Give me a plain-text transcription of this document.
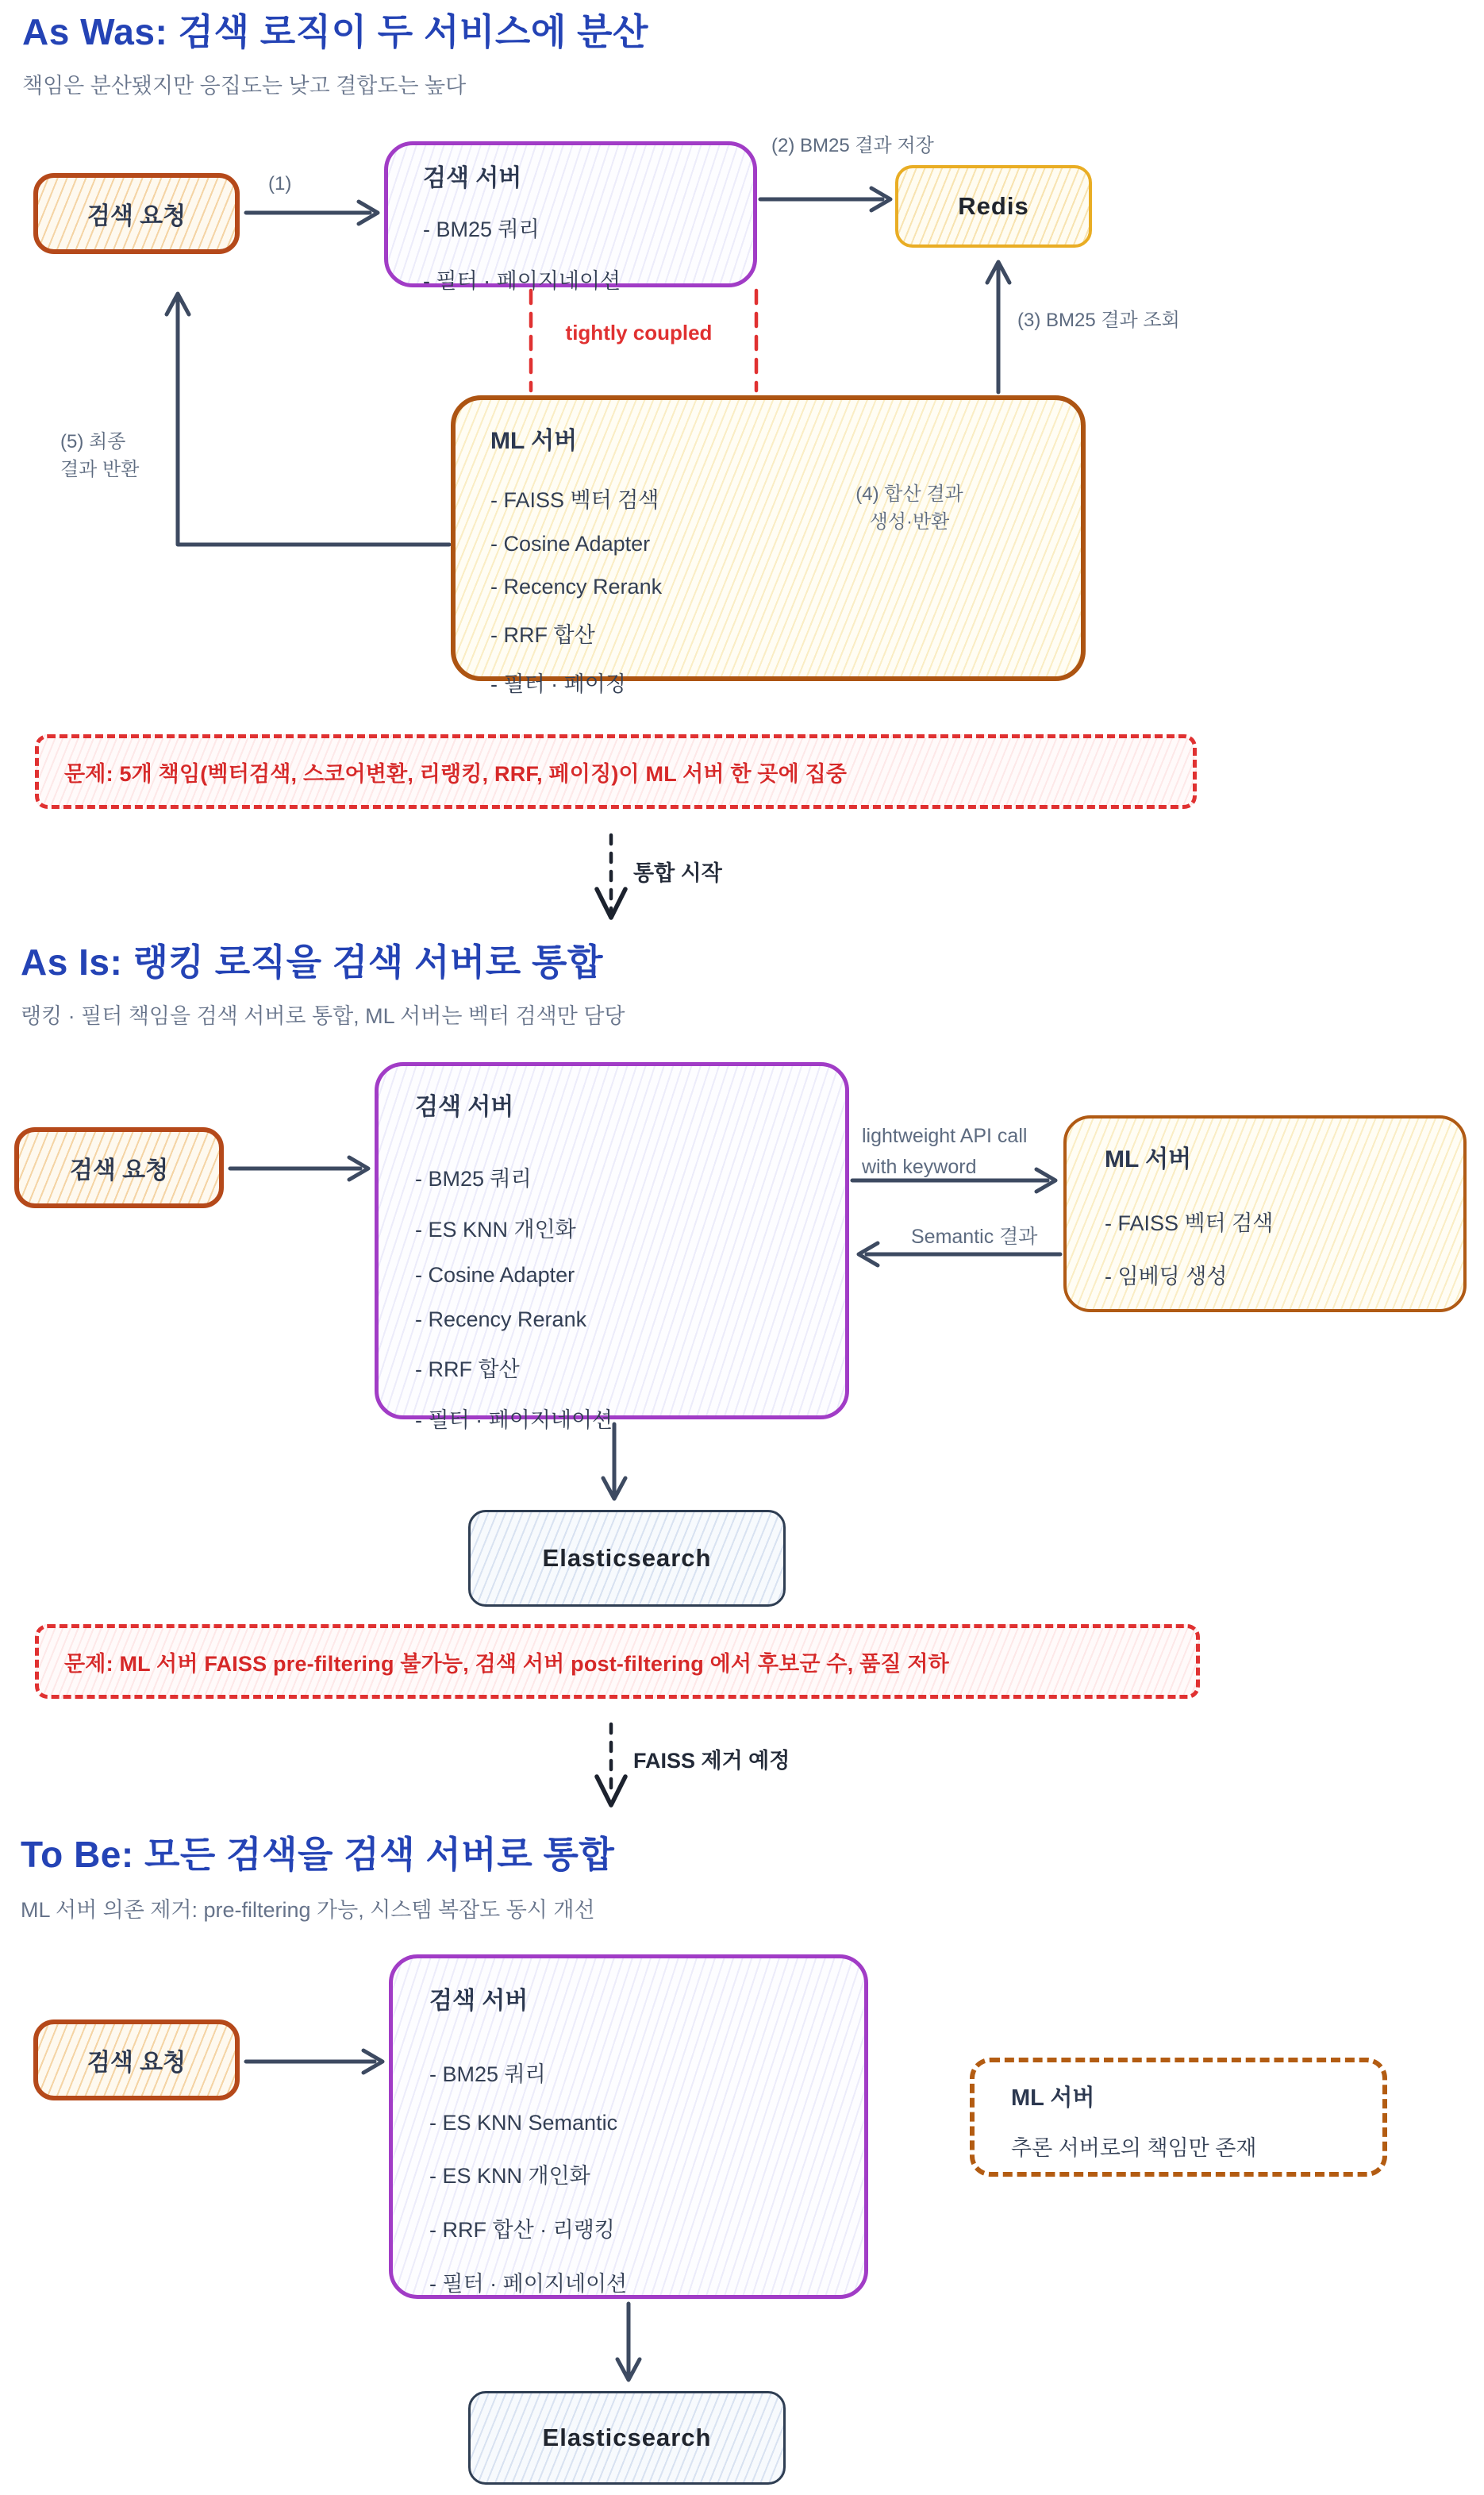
As Was: 검색 로직이 두 서비스에 분산
책임은 분산됐지만 응집도는 낮고 결합도는 높다
검색 요청
(1)	검색 서버
- BM25 쿼리
- 필터 · 페이지네이션
(2) BM25 결과 저장
Redis
(3) BM25 결과 조회
tightly coupled
(5) 최종
결과 반환
ML 서버
- FAISS 벡터 검색
- Cosine Adapter
- Recency Rerank
- RRF 합산
- 필터 · 페이징
(4) 합산 결과
생성·반환
문제: 5개 책임(벡터검색, 스코어변환, 리랭킹, RRF, 페이징)이 ML 서버 한 곳에 집중
통합 시작
As Is: 랭킹 로직을 검색 서버로 통합
랭킹 · 필터 책임을 검색 서버로 통합, ML 서버는 벡터 검색만 담당
검색 요청
검색 서버
- BM25 쿼리
- ES KNN 개인화
- Cosine Adapter
- Recency Rerank
- RRF 합산
- 필터 · 페이지네이션
lightweight API call
with keyword
Semantic 결과
ML 서버
- FAISS 벡터 검색
- 임베딩 생성
Elasticsearch
문제: ML 서버 FAISS pre-filtering 불가능, 검색 서버 post-filtering 에서 후보군 수, 품질 저하
FAISS 제거 예정
To Be: 모든 검색을 검색 서버로 통합
ML 서버 의존 제거: pre-filtering 가능, 시스템 복잡도 동시 개선
검색 요청
검색 서버
- BM25 쿼리
- ES KNN Semantic
- ES KNN 개인화
- RRF 합산 · 리랭킹
- 필터 · 페이지네이션
ML 서버
추론 서버로의 책임만 존재
Elasticsearch
